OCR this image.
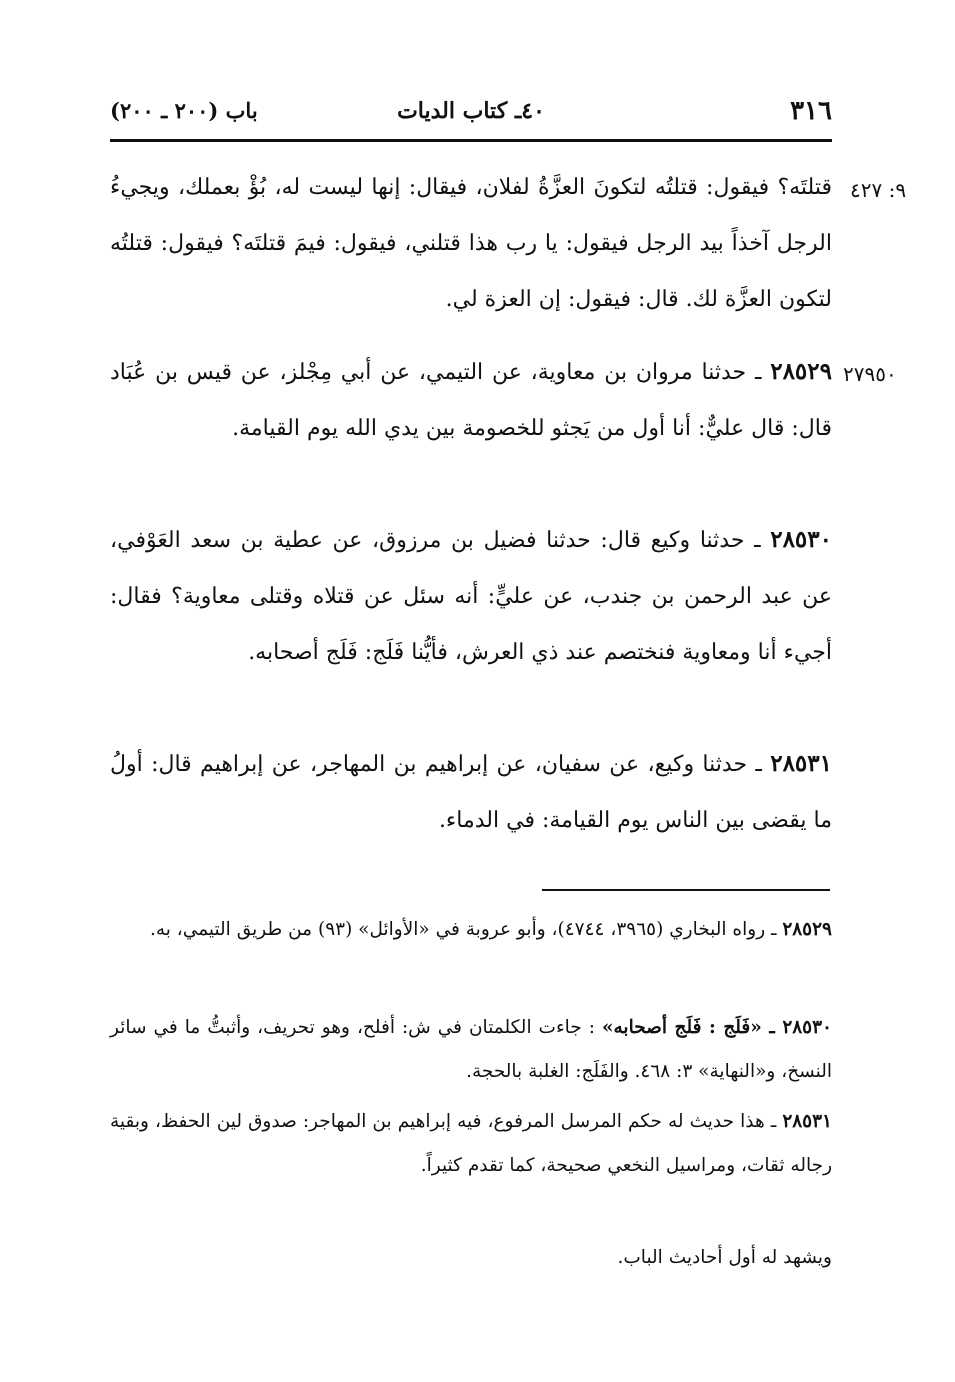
٣١٦
٤٠ـ كتاب الديات
باب (٢٠٠ ـ ٢٠٠)
٩: ٤٢٧
٢٧٩٥٠
قتلتَه؟ فيقول: قتلتُه لتكونَ العزَّةُ لفلان، فيقال: إنها ليست له، بُؤْ بعملك، ويجيءُ الرجل آخذاً بيد الرجل فيقول: يا رب هذا قتلني، فيقول: فيمَ قتلتَه؟ فيقول: قتلتُه لتكون العزَّة لك. قال: فيقول: إن العزة لي.
٢٨٥٢٩ ـ حدثنا مروان بن معاوية، عن التيمي، عن أبي مِجْلز، عن قيس بن عُبَاد قال: قال عليٌّ: أنا أول من يَجثو للخصومة بين يدي الله يوم القيامة.
٢٨٥٣٠ ـ حدثنا وكيع قال: حدثنا فضيل بن مرزوق، عن عطية بن سعد العَوْفي، عن عبد الرحمن بن جندب، عن عليٍّ: أنه سئل عن قتلاه وقتلى معاوية؟ فقال: أجيء أنا ومعاوية فنختصم عند ذي العرش، فأيُّنا فَلَج: فَلَج أصحابه.
٢٨٥٣١ ـ حدثنا وكيع، عن سفيان، عن إبراهيم بن المهاجر، عن إبراهيم قال: أولُ ما يقضى بين الناس يوم القيامة: في الدماء.
٢٨٥٢٩ ـ رواه البخاري (٣٩٦٥، ٤٧٤٤)، وأبو عروبة في «الأوائل» (٩٣) من طريق التيمي، به.
٢٨٥٣٠ ـ «فَلَج : فَلَج أصحابه» : جاءت الكلمتان في ش: أفلح، وهو تحريف، وأثبتُّ ما في سائر النسخ، و«النهاية» ٣: ٤٦٨. والفَلَج: الغلبة بالحجة.
٢٨٥٣١ ـ هذا حديث له حكم المرسل المرفوع، فيه إبراهيم بن المهاجر: صدوق لين الحفظ، وبقية رجاله ثقات، ومراسيل النخعي صحيحة، كما تقدم كثيراً.
ويشهد له أول أحاديث الباب.
